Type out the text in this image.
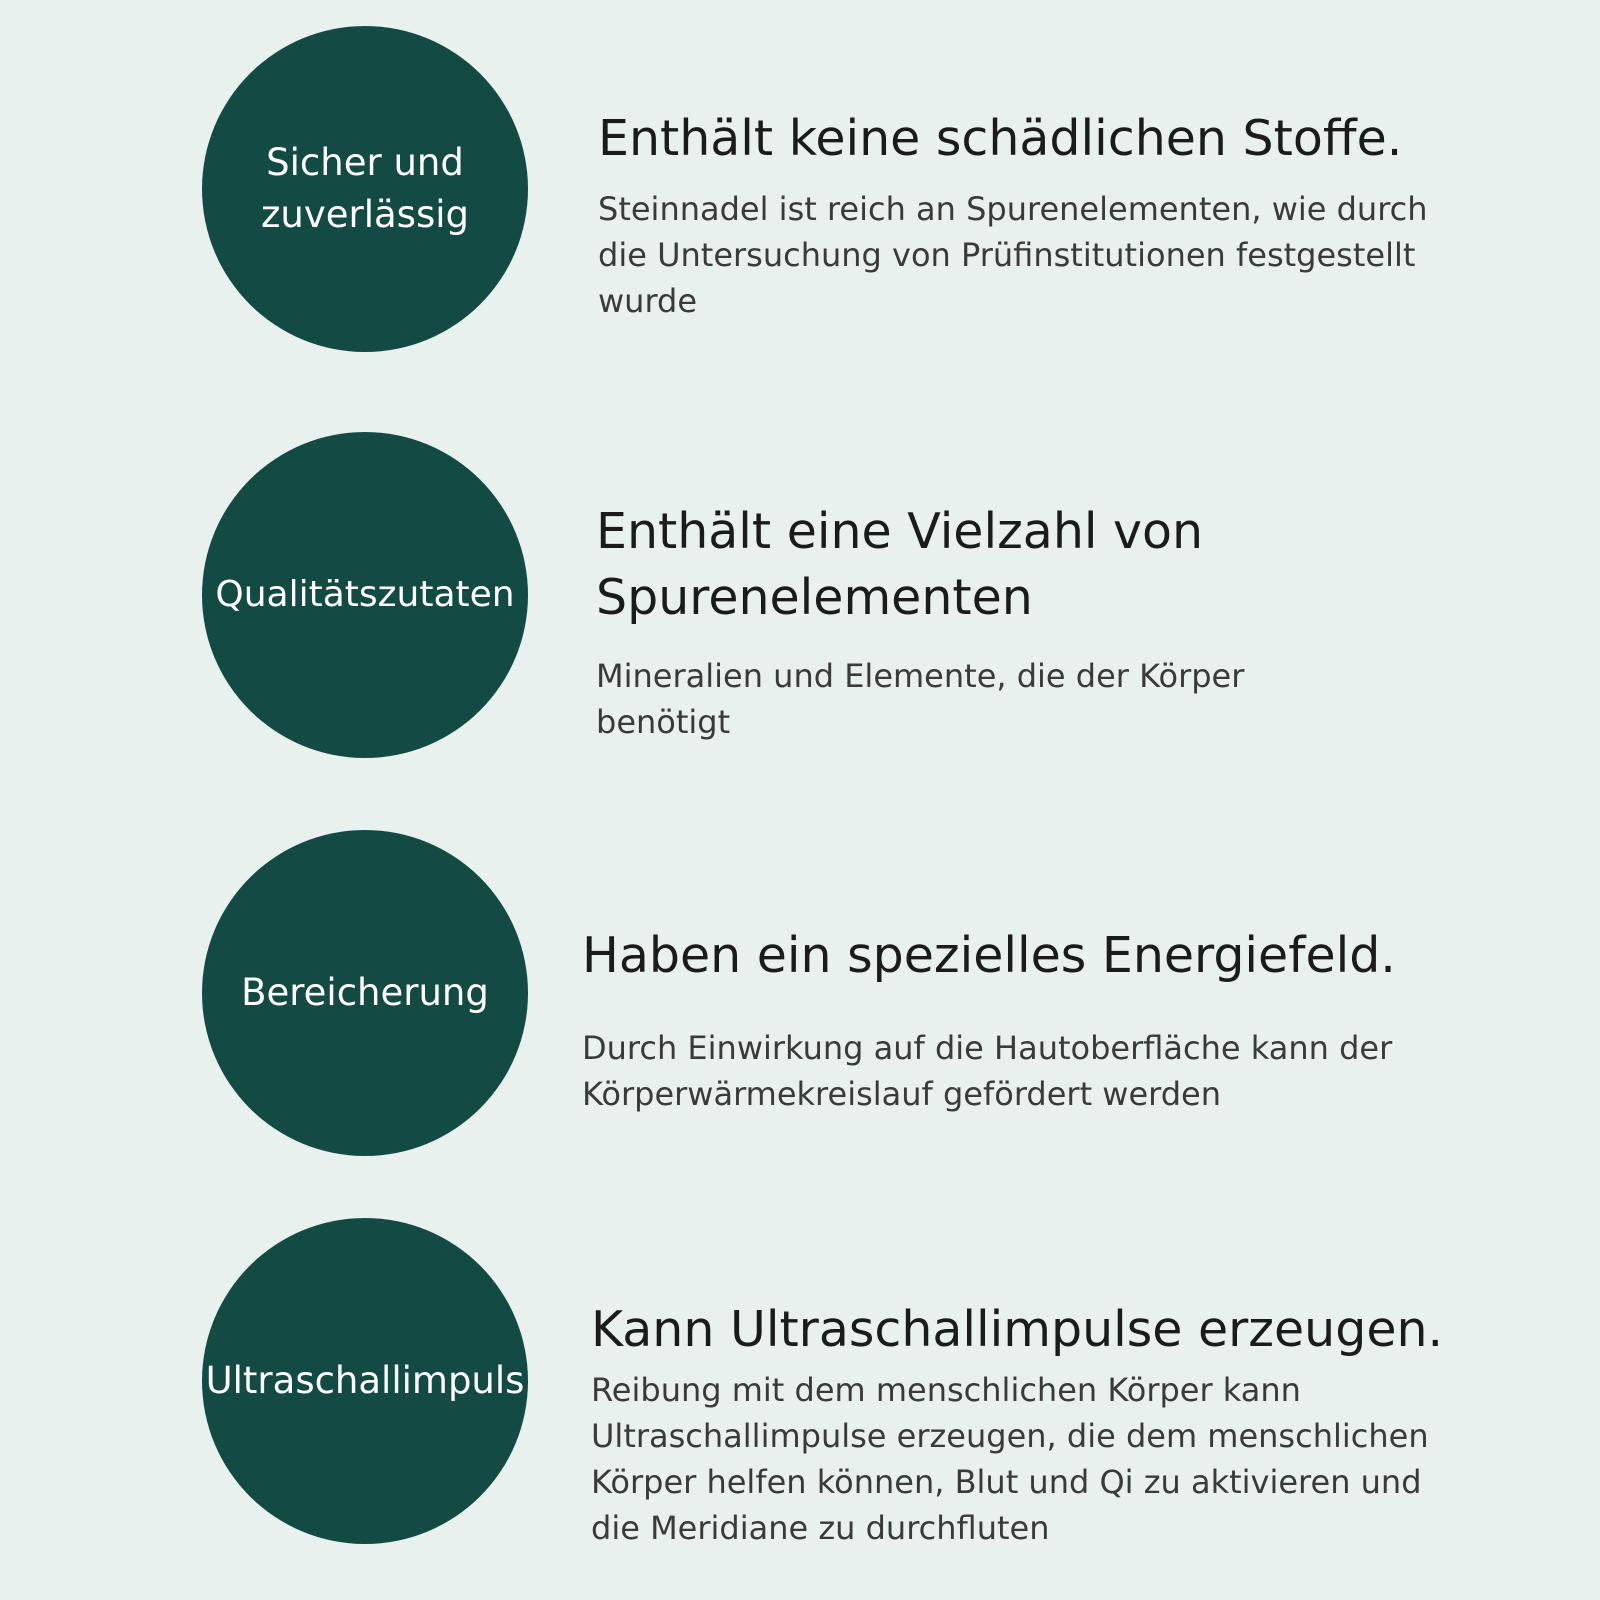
Sicher und
zuverlässig
Enthält keine schädlichen Stoffe.

Steinnadel ist reich an Spurenelementen, wie durch die Untersuchung von Prüfinstitutionen festgestellt wurde

Qualitätszutaten
Enthält eine Vielzahl von Spurenelementen

Mineralien und Elemente, die der Körper benötigt

Bereicherung
Haben ein spezielles Energiefeld.

Durch Einwirkung auf die Hautoberfläche kann der Körperwärmekreislauf gefördert werden

Ultraschallimpuls
Kann Ultraschallimpulse erzeugen.

Reibung mit dem menschlichen Körper kann Ultraschallimpulse erzeugen, die dem menschlichen Körper helfen können, Blut und Qi zu aktivieren und die Meridiane zu durchfluten
